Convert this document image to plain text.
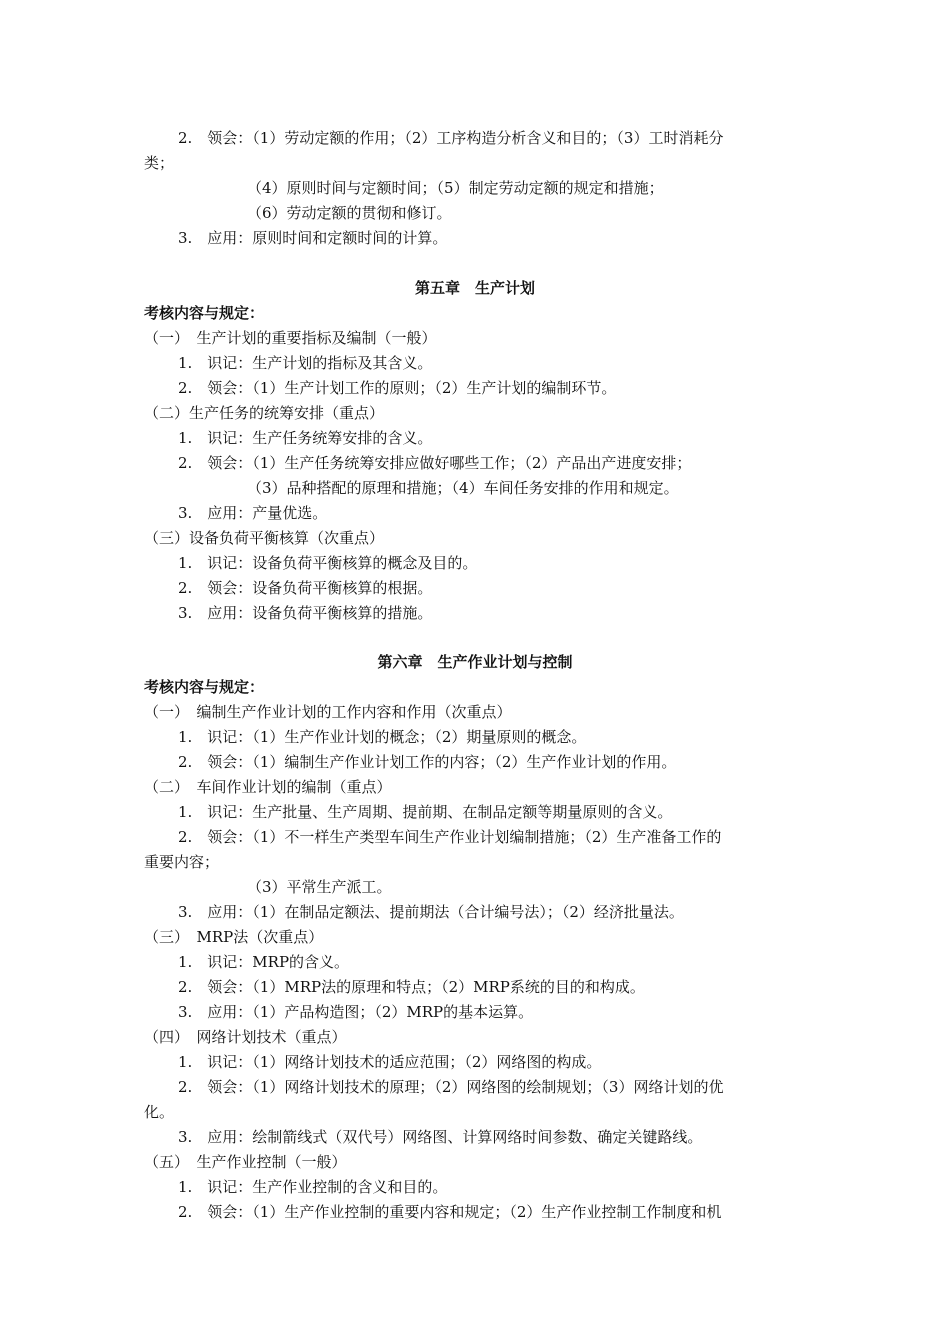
2.　领会：（1）劳动定额的作用；（2）工序构造分析含义和目的；（3）工时消耗分
类；
（4）原则时间与定额时间；（5）制定劳动定额的规定和措施；
（6）劳动定额的贯彻和修订。
3.　应用：原则时间和定额时间的计算。
第五章　生产计划
考核内容与规定：
（一）　生产计划的重要指标及编制（一般）
1.　识记：生产计划的指标及其含义。
2.　领会：（1）生产计划工作的原则；（2）生产计划的编制环节。
（二）生产任务的统筹安排（重点）
1.　识记：生产任务统筹安排的含义。
2.　领会：（1）生产任务统筹安排应做好哪些工作；（2）产品出产进度安排；
（3）品种搭配的原理和措施；（4）车间任务安排的作用和规定。
3.　应用：产量优选。
（三）设备负荷平衡核算（次重点）
1.　识记：设备负荷平衡核算的概念及目的。
2.　领会：设备负荷平衡核算的根据。
3.　应用：设备负荷平衡核算的措施。
第六章　生产作业计划与控制
考核内容与规定：
（一）　编制生产作业计划的工作内容和作用（次重点）
1.　识记：（1）生产作业计划的概念；（2）期量原则的概念。
2.　领会：（1）编制生产作业计划工作的内容；（2）生产作业计划的作用。
（二）　车间作业计划的编制（重点）
1.　识记：生产批量、生产周期、提前期、在制品定额等期量原则的含义。
2.　领会：（1）不一样生产类型车间生产作业计划编制措施；（2）生产准备工作的
重要内容；
（3）平常生产派工。
3.　应用：（1）在制品定额法、提前期法（合计编号法）；（2）经济批量法。
（三）　MRP法（次重点）
1.　识记：MRP的含义。
2.　领会：（1）MRP法的原理和特点；（2）MRP系统的目的和构成。
3.　应用：（1）产品构造图；（2）MRP的基本运算。
（四）　网络计划技术（重点）
1.　识记：（1）网络计划技术的适应范围；（2）网络图的构成。
2.　领会：（1）网络计划技术的原理；（2）网络图的绘制规划；（3）网络计划的优
化。
3.　应用：绘制箭线式（双代号）网络图、计算网络时间参数、确定关键路线。
（五）　生产作业控制（一般）
1.　识记：生产作业控制的含义和目的。
2.　领会：（1）生产作业控制的重要内容和规定；（2）生产作业控制工作制度和机
